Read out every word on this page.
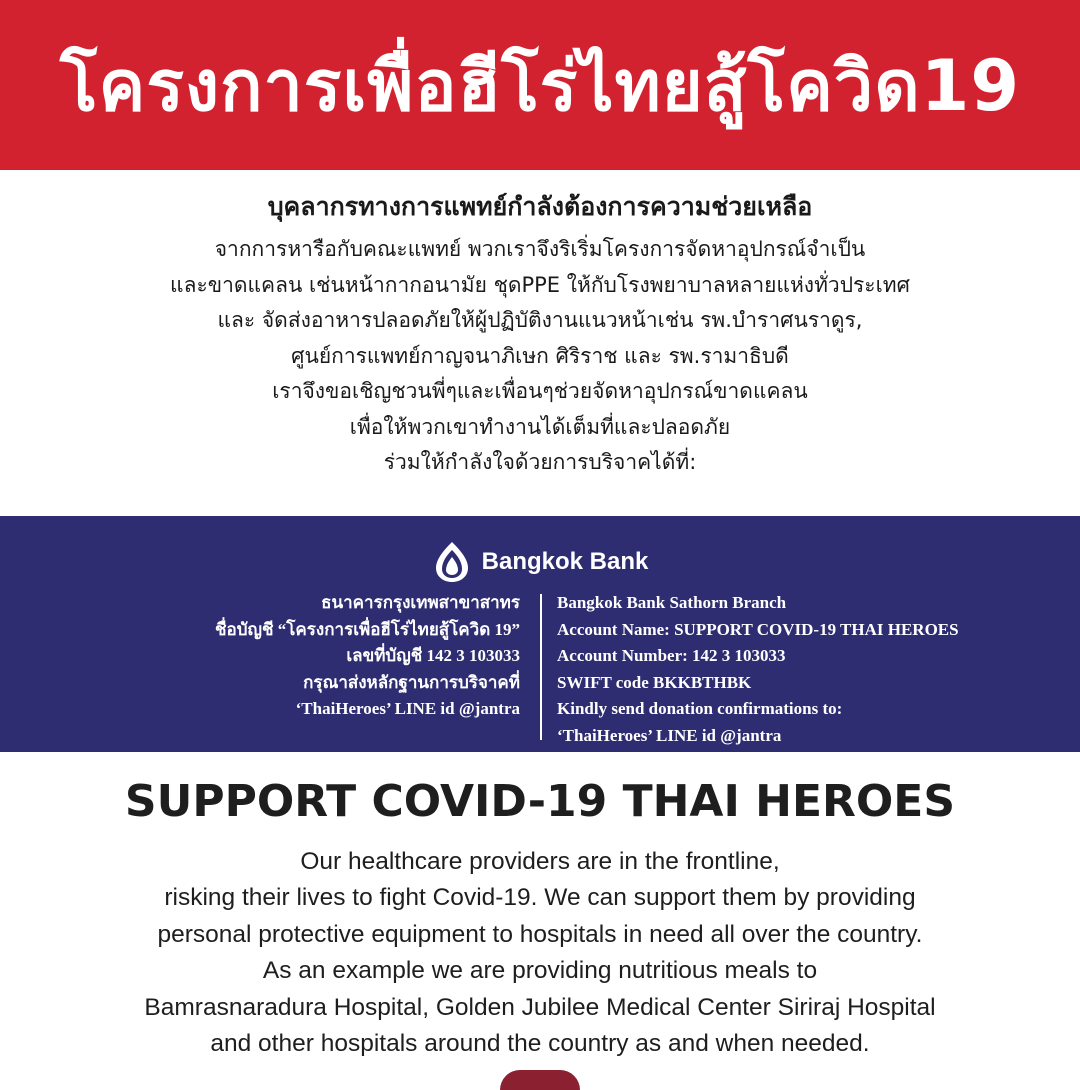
โครงการเพื่อฮีโร่ไทยสู้โควิด19

บุคลากรทางการแพทย์กำลังต้องการความช่วยเหลือ

จากการหารือกับคณะแพทย์ พวกเราจึงริเริ่มโครงการจัดหาอุปกรณ์จำเป็น

และขาดแคลน เช่นหน้ากากอนามัย ชุดPPE ให้กับโรงพยาบาลหลายแห่งทั่วประเทศ

และ จัดส่งอาหารปลอดภัยให้ผู้ปฏิบัติงานแนวหน้าเช่น รพ.บำราศนราดูร,

ศูนย์การแพทย์กาญจนาภิเษก ศิริราช และ รพ.รามาธิบดี

เราจึงขอเชิญชวนพี่ๆและเพื่อนๆช่วยจัดหาอุปกรณ์ขาดแคลน

เพื่อให้พวกเขาทำงานได้เต็มที่และปลอดภัย

ร่วมให้กำลังใจด้วยการบริจาคได้ที่:

Bangkok Bank
ธนาคารกรุงเทพสาขาสาทร
ชื่อบัญชี “โครงการเพื่อฮีโร่ไทยสู้โควิด 19”
เลขที่บัญชี 142 3 103033
กรุณาส่งหลักฐานการบริจาคที่
‘ThaiHeroes’ LINE id @jantra
Bangkok Bank Sathorn Branch
Account Name: SUPPORT COVID-19 THAI HEROES
Account Number: 142 3 103033
SWIFT code BKKBTHBK
Kindly send donation confirmations to:
‘ThaiHeroes’ LINE id @jantra
SUPPORT COVID-19 THAI HEROES

Our healthcare providers are in the frontline,

risking their lives to fight Covid-19. We can support them by providing

personal protective equipment to hospitals in need all over the country.

As an example we are providing nutritious meals to

Bamrasnaradura Hospital, Golden Jubilee Medical Center Siriraj Hospital

and other hospitals around the country as and when needed.
